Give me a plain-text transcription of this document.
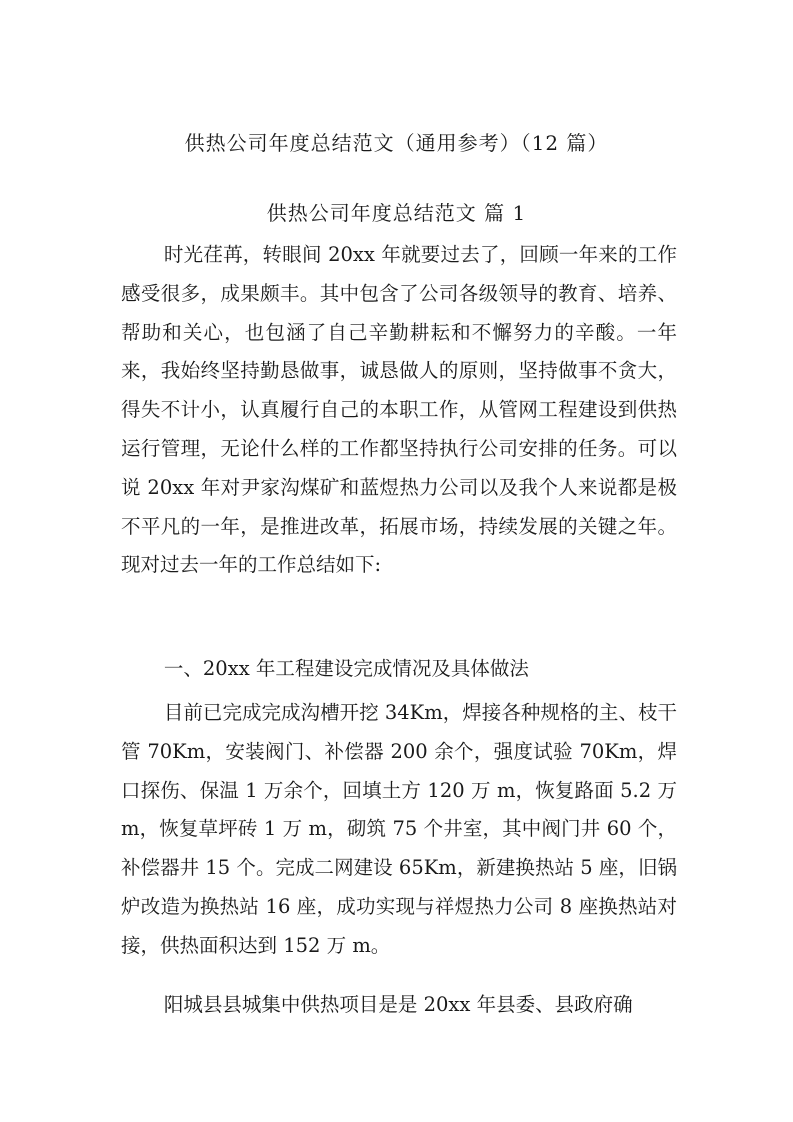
供热公司年度总结范文（通用参考）（12 篇）
供热公司年度总结范文 篇 1

时光荏苒，转眼间 20xx 年就要过去了，回顾一年来的工作感受很多，成果颇丰。其中包含了公司各级领导的教育、培养、帮助和关心，也包涵了自己辛勤耕耘和不懈努力的辛酸。一年来，我始终坚持勤恳做事，诚恳做人的原则，坚持做事不贪大，得失不计小，认真履行自己的本职工作，从管网工程建设到供热运行管理，无论什么样的工作都坚持执行公司安排的任务。可以说 20xx 年对尹家沟煤矿和蓝煜热力公司以及我个人来说都是极不平凡的一年，是推进改革，拓展市场，持续发展的关键之年。现对过去一年的工作总结如下:

一、20xx 年工程建设完成情况及具体做法

目前已完成完成沟槽开挖 34Km，焊接各种规格的主、枝干管 70Km，安装阀门、补偿器 200 余个，强度试验 70Km，焊口探伤、保温 1 万余个，回填土方 120 万 m，恢复路面 5.2 万 m，恢复草坪砖 1 万 m，砌筑 75 个井室，其中阀门井 60 个，补偿器井 15 个。完成二网建设 65Km，新建换热站 5 座，旧锅炉改造为换热站 16 座，成功实现与祥煜热力公司 8 座换热站对接，供热面积达到 152 万 m。

阳城县县城集中供热项目是是 20xx 年县委、县政府确
